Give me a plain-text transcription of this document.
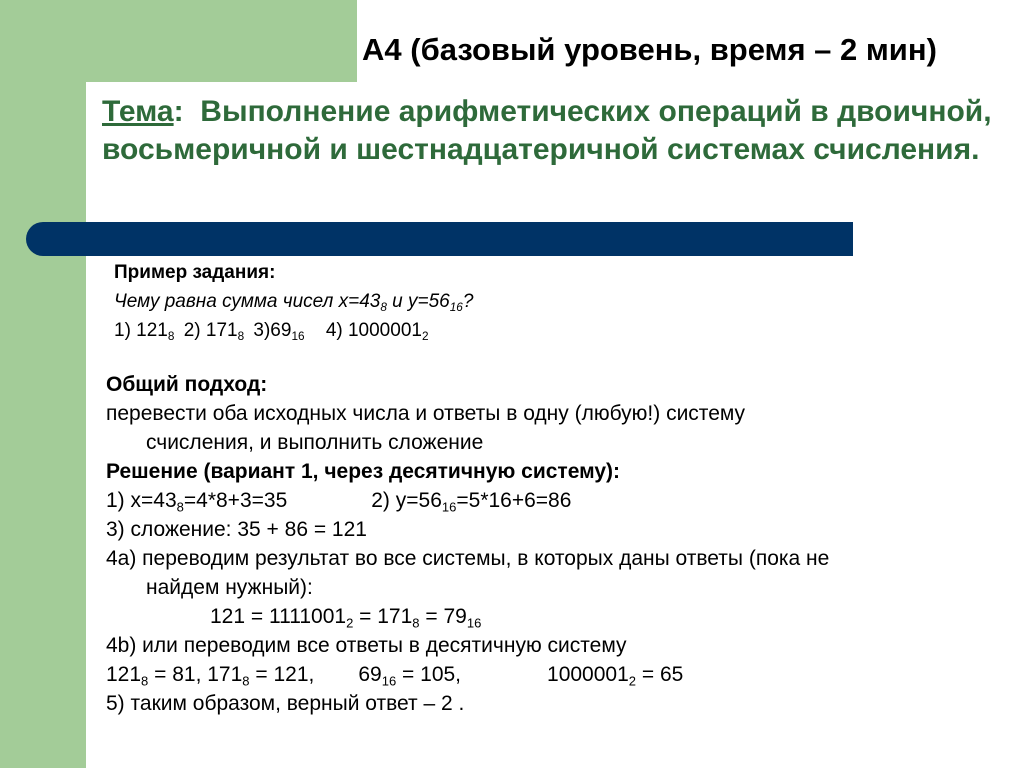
А4 (базовый уровень, время – 2 мин)
Тема: Выполнение арифметических операций в двоичной, восьмеричной и шестнадцатеричной системах счисления.
Пример задания:
Чему равна сумма чисел $x=43_8$ и $y=56_{16}$?
1) $121_8$ 2) $171_8$ $3)69_{16}$ 4) $1000001_2$
Общий подход:
перевести оба исходных числа и ответы в одну (любую!) систему
счисления, и выполнить сложение
Решение (вариант 1, через десятичную систему):
1) $x=43_8=4*8+3=35$	2) $y=56_{16}=5*16+6=86$
3) сложение: 35 + 86 = 121
4a) переводим результат во все системы, в которых даны ответы (пока не
найдем нужный):
$121 = 1111001_2 = 171_8 = 79_{16}$
4b) или переводим все ответы в десятичную систему
$121_8 = 81$, $171_8 = 121$, $69_{16} = 105$,	$1000001_2 = 65$
5) таким образом, верный ответ – 2 .
